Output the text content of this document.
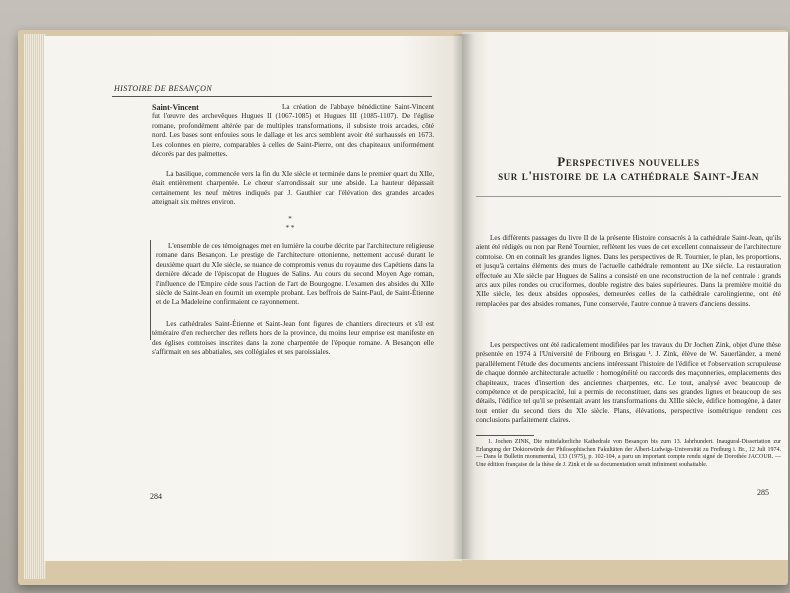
HISTOIRE DE BESANÇON
Saint-Vincent	La création de l'abbaye bénédictine Saint-Vincent fut l'œuvre des archevêques Hugues II (1067-1085) et Hugues III (1085-1107). De l'église romane, profondément altérée par de multiples transformations, il subsiste trois arcades, côté nord. Les bases sont enfouies sous le dallage et les arcs semblent avoir été surhaussés en 1673. Les colonnes en pierre, comparables à celles de Saint-Pierre, ont des chapiteaux uniformément décorés par des palmettes.
La basilique, commencée vers la fin du XIe siècle et terminée dans le premier quart du XIIe, était entièrement charpentée. Le chœur s'arrondissait sur une abside. La hauteur dépassait certainement les neuf mètres indiqués par J. Gauthier car l'élévation des grandes arcades atteignait six mètres environ.
*
* *
L'ensemble de ces témoignages met en lumière la courbe décrite par l'architecture religieuse romane dans Besançon. Le prestige de l'architecture ottonienne, nettement accusé durant le deuxième quart du XIe siècle, se nuance de compromis venus du royaume des Capétiens dans la dernière décade de l'épiscopat de Hugues de Salins. Au cours du second Moyen Age roman, l'influence de l'Empire cède sous l'action de l'art de Bourgogne. L'examen des absides du XIIe siècle de Saint-Jean en fournit un exemple probant. Les beffrois de Saint-Paul, de Saint-Étienne et de La Madeleine confirmaient ce rayonnement.
Les cathédrales Saint-Étienne et Saint-Jean font figures de chantiers directeurs et s'il est téméraire d'en rechercher des reflets hors de la province, du moins leur emprise est manifeste en des églises comtoises inscrites dans la zone charpentée de l'époque romane. A Besançon elle s'affirmait en ses abbatiales, ses collégiales et ses paroissiales.
284
Perspectives nouvelles
sur l'histoire de la cathédrale Saint-Jean
Les différents passages du livre II de la présente Histoire consacrés à la cathédrale Saint-Jean, qu'ils aient été rédigés ou non par René Tournier, reflètent les vues de cet excellent connaisseur de l'architecture comtoise. On en connaît les grandes lignes. Dans les perspectives de R. Tournier, le plan, les proportions, et jusqu'à certains éléments des murs de l'actuelle cathédrale remontent au IXe siècle. La restauration effectuée au XIe siècle par Hugues de Salins a consisté en une reconstruction de la nef centrale : grands arcs aux piles rondes ou cruciformes, double registre des baies supérieures. Dans la première moitié du XIIe siècle, les deux absides opposées, demeurées celles de la cathédrale carolingienne, ont été remplacées par des absides romanes, l'une conservée, l'autre connue à travers d'anciens dessins.
Les perspectives ont été radicalement modifiées par les travaux du Dr Jochen Zink, objet d'une thèse présentée en 1974 à l'Université de Fribourg en Brisgau ¹. J. Zink, élève de W. Sauerländer, a mené parallèlement l'étude des documents anciens intéressant l'histoire de l'édifice et l'observation scrupuleuse de chaque donnée architecturale actuelle : homogénéité ou raccords des maçonneries, emplacements des chapiteaux, traces d'insertion des anciennes charpentes, etc. Le tout, analysé avec beaucoup de compétence et de perspicacité, lui a permis de reconstituer, dans ses grandes lignes et beaucoup de ses détails, l'édifice tel qu'il se présentait avant les transformations du XIIIe siècle, édifice homogène, à dater tout entier du second tiers du XIe siècle. Plans, élévations, perspective isométrique rendent ces conclusions parfaitement claires.
1. Jochen ZINK, Die mittelalterliche Kathedrale von Besançon bis zum 13. Jahrhundert. Inaugural-Dissertation zur Erlangung der Doktorwürde der Philosophischen Fakultäten der Albert-Ludwigs-Universität zu Freiburg i. Br., 12 Juli 1974. — Dans le Bulletin monumental, 133 (1975), p. 102-104, a paru un important compte rendu signé de Dorothée JACOUR. — Une édition française de la thèse de J. Zink et de sa documentation serait infiniment souhaitable.
285
